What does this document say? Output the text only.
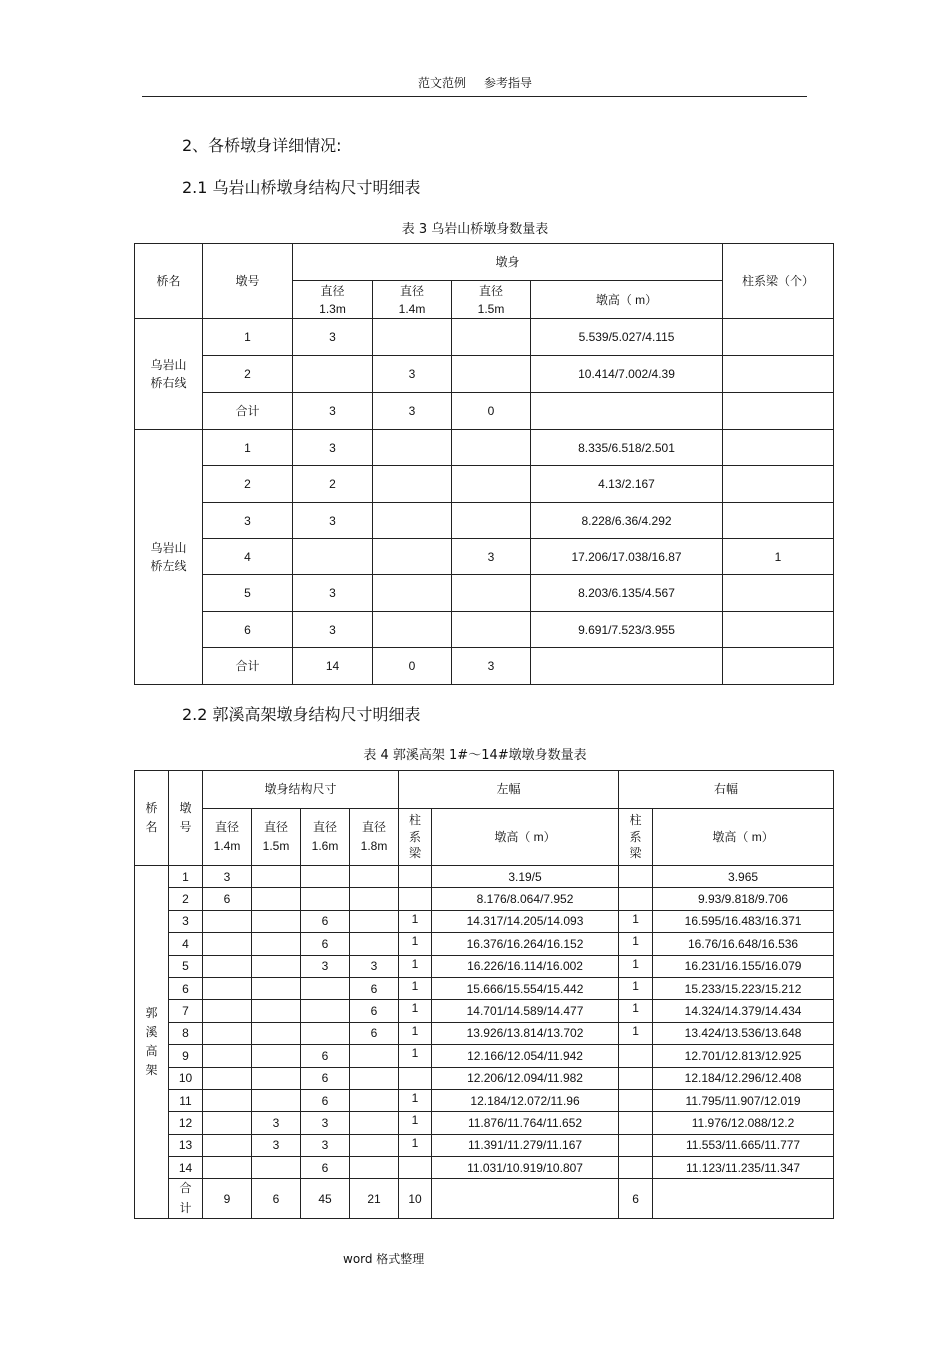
范文范例 参考指导
2、各桥墩身详细情况:
2.1 乌岩山桥墩身结构尺寸明细表
表 3 乌岩山桥墩身数量表
桥名	墩号	墩身				柱系梁（个）
		直径1.3m	直径1.4m	直径1.5m	墩高（ m）	
乌岩山桥右线	1	3			5.539/5.027/4.115	
	2		3		10.414/7.002/4.39	
	合计	3	3	0		
乌岩山桥左线	1	3			8.335/6.518/2.501	
	2	2			4.13/2.167	
	3	3			8.228/6.36/4.292	
	4			3	17.206/17.038/16.87	1
	5	3			8.203/6.135/4.567	
	6	3			9.691/7.523/3.955	
	合计	14	0	3		
2.2 郭溪高架墩身结构尺寸明细表
表 4 郭溪高架 1#～14#墩墩身数量表
桥名	墩号	墩身结构尺寸				左幅		右幅	
		直径1.4m	直径1.5m	直径1.6m	直径1.8m	柱系梁	墩高（ m）	柱系梁	墩高（ m）
郭溪高架	1	3					3.19/5		3.965
	2	6					8.176/8.064/7.952		9.93/9.818/9.706
	3			6		1	14.317/14.205/14.093	1	16.595/16.483/16.371
	4			6		1	16.376/16.264/16.152	1	16.76/16.648/16.536
	5			3	3	1	16.226/16.114/16.002	1	16.231/16.155/16.079
	6				6	1	15.666/15.554/15.442	1	15.233/15.223/15.212
	7				6	1	14.701/14.589/14.477	1	14.324/14.379/14.434
	8				6	1	13.926/13.814/13.702	1	13.424/13.536/13.648
	9			6		1	12.166/12.054/11.942		12.701/12.813/12.925
	10			6			12.206/12.094/11.982		12.184/12.296/12.408
	11			6		1	12.184/12.072/11.96		11.795/11.907/12.019
	12		3	3		1	11.876/11.764/11.652		11.976/12.088/12.2
	13		3	3		1	11.391/11.279/11.167		11.553/11.665/11.777
	14			6			11.031/10.919/10.807		11.123/11.235/11.347
	合计	9	6	45	21	10		6	
word 格式整理
